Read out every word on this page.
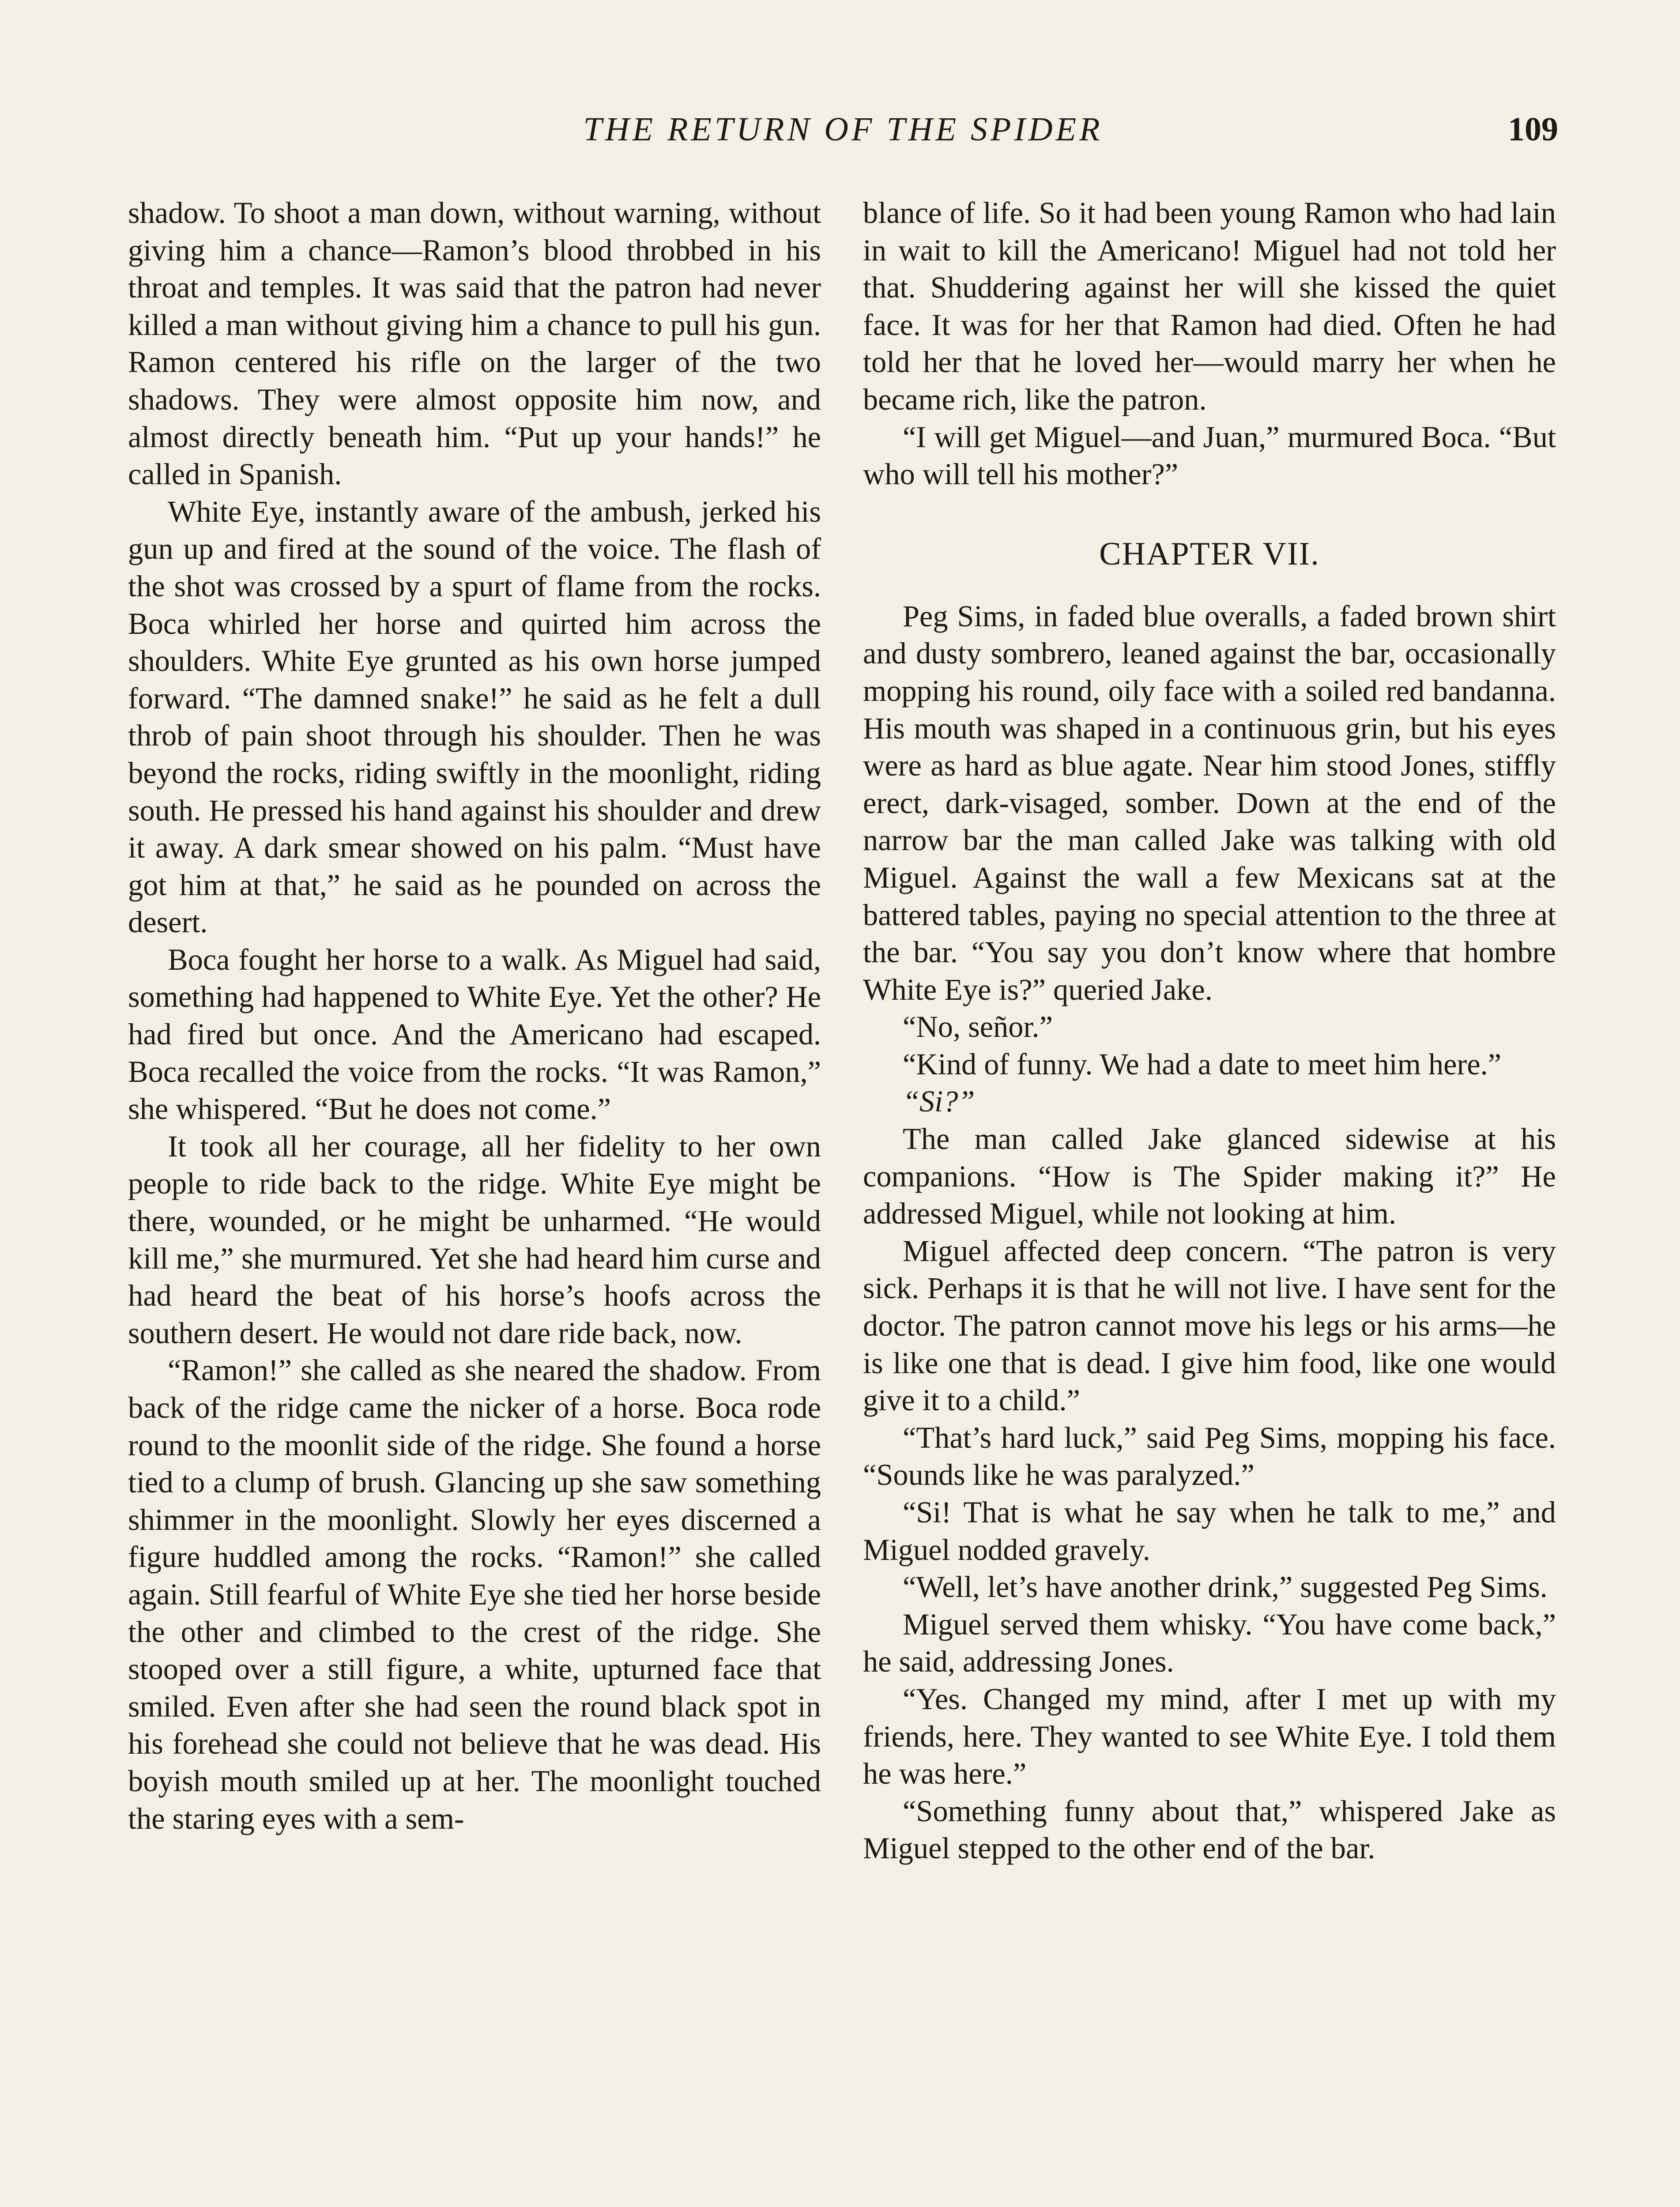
THE RETURN OF THE SPIDER	109

shadow. To shoot a man down, without warning, without giving him a chance—Ramon’s blood throbbed in his throat and temples. It was said that the patron had never killed a man without giving him a chance to pull his gun. Ramon centered his rifle on the larger of the two shadows. They were almost opposite him now, and almost directly beneath him. “Put up your hands!” he called in Spanish.

White Eye, instantly aware of the ambush, jerked his gun up and fired at the sound of the voice. The flash of the shot was crossed by a spurt of flame from the rocks. Boca whirled her horse and quirted him across the shoulders. White Eye grunted as his own horse jumped forward. “The damned snake!” he said as he felt a dull throb of pain shoot through his shoulder. Then he was beyond the rocks, riding swiftly in the moonlight, riding south. He pressed his hand against his shoulder and drew it away. A dark smear showed on his palm. “Must have got him at that,” he said as he pounded on across the desert.

Boca fought her horse to a walk. As Miguel had said, something had happened to White Eye. Yet the other? He had fired but once. And the Americano had escaped. Boca recalled the voice from the rocks. “It was Ramon,” she whispered. “But he does not come.”

It took all her courage, all her fidelity to her own people to ride back to the ridge. White Eye might be there, wounded, or he might be unharmed. “He would kill me,” she murmured. Yet she had heard him curse and had heard the beat of his horse’s hoofs across the southern desert. He would not dare ride back, now.

“Ramon!” she called as she neared the shadow. From back of the ridge came the nicker of a horse. Boca rode round to the moonlit side of the ridge. She found a horse tied to a clump of brush. Glancing up she saw something shimmer in the moonlight. Slowly her eyes discerned a figure huddled among the rocks. “Ramon!” she called again. Still fearful of White Eye she tied her horse beside the other and climbed to the crest of the ridge. She stooped over a still figure, a white, upturned face that smiled. Even after she had seen the round black spot in his forehead she could not believe that he was dead. His boyish mouth smiled up at her. The moonlight touched the staring eyes with a sem-

blance of life. So it had been young Ramon who had lain in wait to kill the Americano! Miguel had not told her that. Shuddering against her will she kissed the quiet face. It was for her that Ramon had died. Often he had told her that he loved her—would marry her when he became rich, like the patron.

“I will get Miguel—and Juan,” murmured Boca. “But who will tell his mother?”

CHAPTER VII.

Peg Sims, in faded blue overalls, a faded brown shirt and dusty sombrero, leaned against the bar, occasionally mopping his round, oily face with a soiled red bandanna. His mouth was shaped in a continuous grin, but his eyes were as hard as blue agate. Near him stood Jones, stiffly erect, dark-visaged, somber. Down at the end of the narrow bar the man called Jake was talking with old Miguel. Against the wall a few Mexicans sat at the battered tables, paying no special attention to the three at the bar. “You say you don’t know where that hombre White Eye is?” queried Jake.

“No, señor.”

“Kind of funny. We had a date to meet him here.”

“Si?”

The man called Jake glanced sidewise at his companions. “How is The Spider making it?” He addressed Miguel, while not looking at him.

Miguel affected deep concern. “The patron is very sick. Perhaps it is that he will not live. I have sent for the doctor. The patron cannot move his legs or his arms—he is like one that is dead. I give him food, like one would give it to a child.”

“That’s hard luck,” said Peg Sims, mopping his face. “Sounds like he was paralyzed.”

“Si! That is what he say when he talk to me,” and Miguel nodded gravely.

“Well, let’s have another drink,” suggested Peg Sims.

Miguel served them whisky. “You have come back,” he said, addressing Jones.

“Yes. Changed my mind, after I met up with my friends, here. They wanted to see White Eye. I told them he was here.”

“Something funny about that,” whispered Jake as Miguel stepped to the other end of the bar.
